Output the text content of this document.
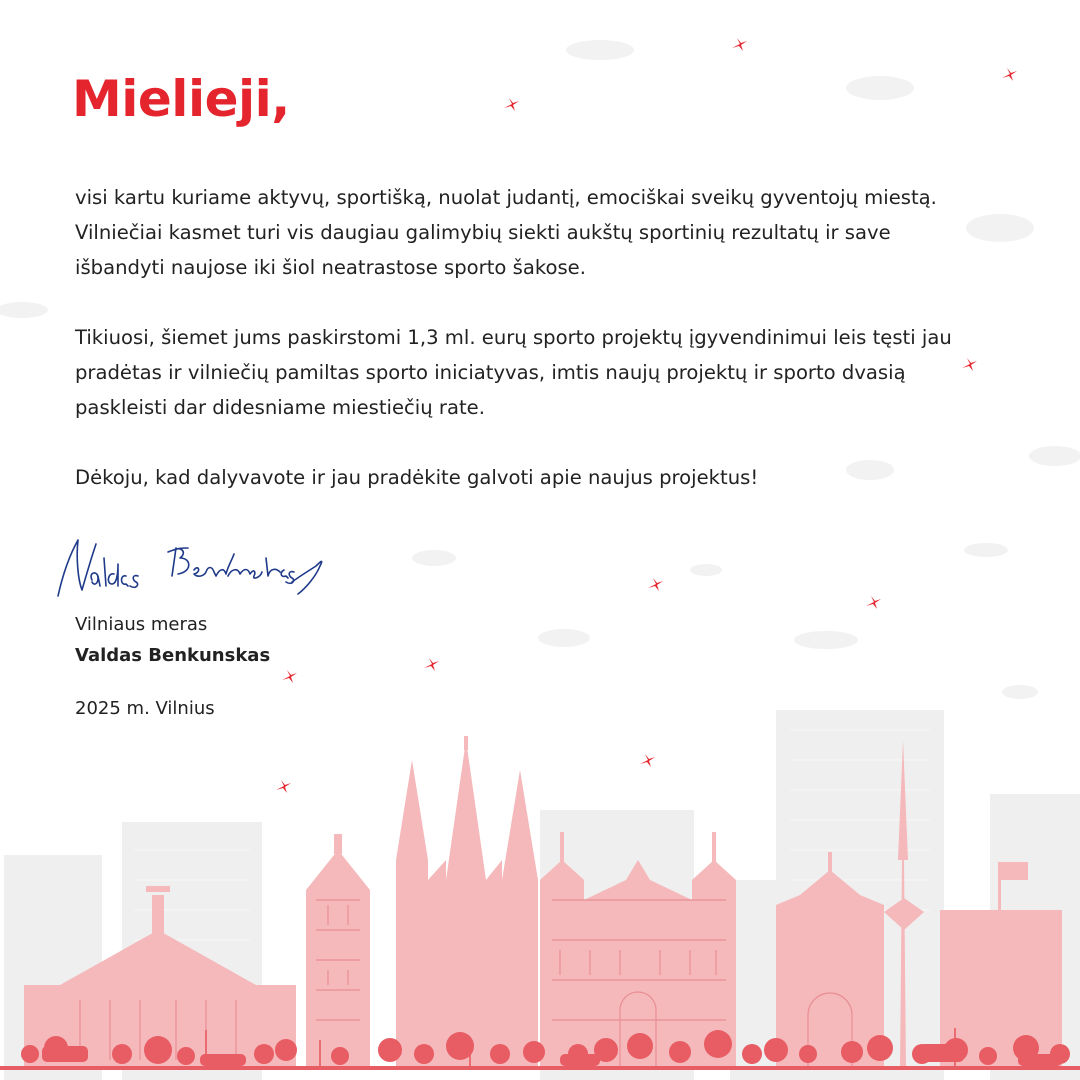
Mielieji,

visi kartu kuriame aktyvų, sportišką, nuolat judantį, emociškai sveikų gyventojų miestą. Vilniečiai kasmet turi vis daugiau galimybių siekti aukštų sportinių rezultatų ir save išbandyti naujose iki šiol neatrastose sporto šakose.

Tikiuosi, šiemet jums paskirstomi 1,3 ml. eurų sporto projektų įgyvendinimui leis tęsti jau pradėtas ir vilniečių pamiltas sporto iniciatyvas, imtis naujų projektų ir sporto dvasią paskleisti dar didesniame miestiečių rate.

Dėkoju, kad dalyvavote ir jau pradėkite galvoti apie naujus projektus!

Vilniaus meras
Valdas Benkunskas
2025 m. Vilnius
